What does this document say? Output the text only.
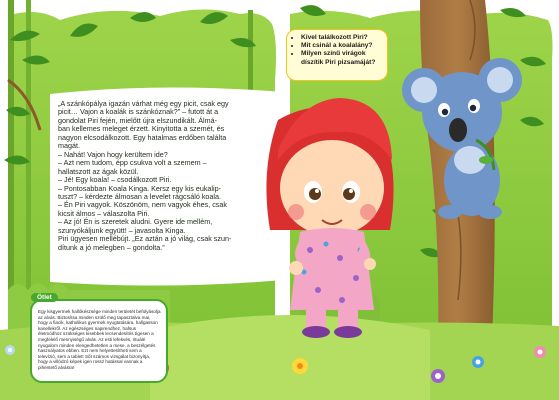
„A szánkópálya igazán várhat még egy picit, csak egy
picit… Vajon a koalák is szánkóznak?” – futott át a
gondolat Piri fején, mielőtt újra elszundikált. Álmá-
ban kellemes meleget érzett. Kinyitotta a szemét, és
nagyon elcsodálkozott. Egy hatalmas erdőben találta
magát.
– Nahát! Vajon hogy kerültem ide?
– Azt nem tudom, épp csukva volt a szemem –
hallatszott az ágak közül.
– Jé! Egy koala! – csodálkozott Piri.
– Pontosabban Koala Kinga. Kersz egy kis eukalip-
tuszt? – kérdezte álmosan a levelet rágcsáló koala.
– Én Piri vagyok. Köszönöm, nem vagyok éhes, csak
kicsit álmos – válaszolta Piri.
– Az jó! Én is szeretek aludni. Gyere ide mellém,
szunyókáljunk együtt! – javasolta Kinga.
Piri ügyesen mellébújt. „Ez aztán a jó világ, csak szun-
dítunk a jó melegben – gondolta.”

• Kivel találkozott Piri?
• Mit csinál a koalalány?
• Milyen színű virágok díszítik Piri pizsamáját?
Egy kisgyermek hallókészsége minden területét befolyásolja az alvás. Biztosítsa minden szülő meg tapasztalva mai, hogy a fiacik, katholikus gyermek nyugtatására, hallgasson kanellekről. Az egészséges napirendhez, hafsus életmódhoz szükséges kisebbek lecsendesítés tígesen a megfelelő mennyiségű alvás. Az esti lefekvés, rituálé nyugalom minden elengedhetetlen a mese, a beszélgetés használyatos ebben. Ezt nem helyettesítheti sem a televízió, sem a tablet! Sőt számos vizsgálat bizonyítja, hogy a villódzó képek igen rossz hatással vannak a pihentető alvásra!
Ötlet
